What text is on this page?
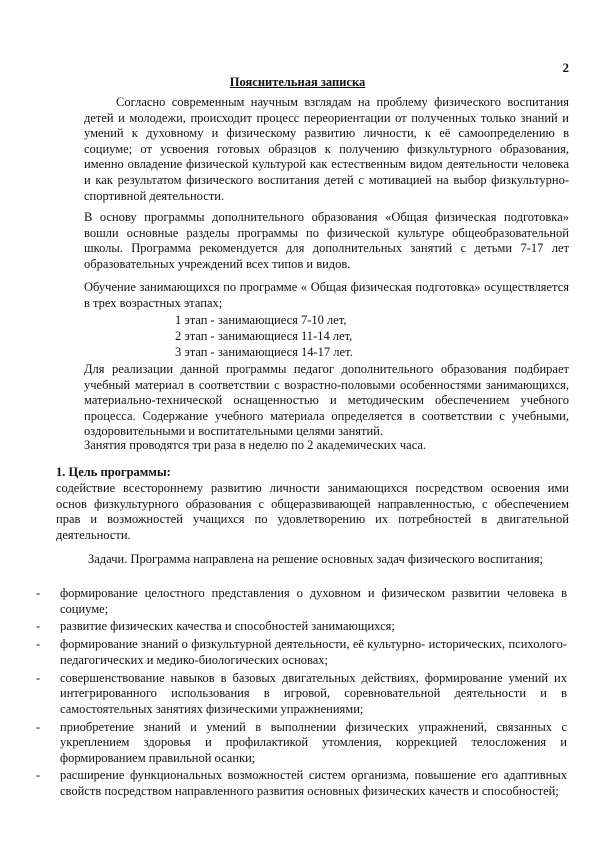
2
Пояснительная записка
Согласно современным научным взглядам на проблему физического воспитания детей и молодежи, происходит процесс переориентации от полученных только знаний и умений к духовному и физическому развитию личности, к её самоопределению в социуме; от усвоения готовых образцов к получению физкультурного образования, именно овладение физической культурой как естественным видом деятельности человека и как результатом физического воспитания детей с мотивацией на выбор физкультурно-спортивной деятельности.
В основу программы дополнительного образования «Общая физическая подготовка» вошли основные разделы программы по физической культуре общеобразовательной школы. Программа рекомендуется для дополнительных занятий с детьми 7-17 лет образовательных учреждений всех типов и видов.
Обучение занимающихся по программе « Общая физическая подготовка» осуществляется в трех возрастных этапах;
1 этап - занимающиеся 7-10 лет,
2 этап - занимающиеся 11-14 лет,
3 этап - занимающиеся 14-17 лет.
Для реализации данной программы педагог дополнительного образования подбирает учебный материал в соответствии с возрастно-половыми особенностями занимающихся, материально-технической оснащенностью и методическим обеспечением учебного процесса. Содержание учебного материала определяется в соответствии с учебными, оздоровительными и воспитательными целями занятий.
Занятия проводятся три раза в неделю по 2 академических часа.
1. Цель программы:
содействие всестороннему развитию личности занимающихся посредством освоения ими основ физкультурного образования с общеразвивающей направленностью, с обеспечением прав и возможностей учащихся по удовлетворению их потребностей в двигательной деятельности.
Задачи. Программа направлена на решение основных задач физического воспитания;
- формирование целостного представления о духовном и физическом развитии человека в социуме;
- развитие физических качества и способностей занимающихся;
- формирование знаний о физкультурной деятельности, её культурно- исторических, психолого-педагогических и медико-биологических основах;
- совершенствование навыков в базовых двигательных действиях, формирование умений их интегрированного использования в игровой, соревновательной деятельности и в самостоятельных занятиях физическими упражнениями;
- приобретение знаний и умений в выполнении физических упражнений, связанных с укреплением здоровья и профилактикой утомления, коррекцией телосложения и формированием правильной осанки;
- расширение функциональных возможностей систем организма, повышение его адаптивных свойств посредством направленного развития основных физических качеств и способностей;
